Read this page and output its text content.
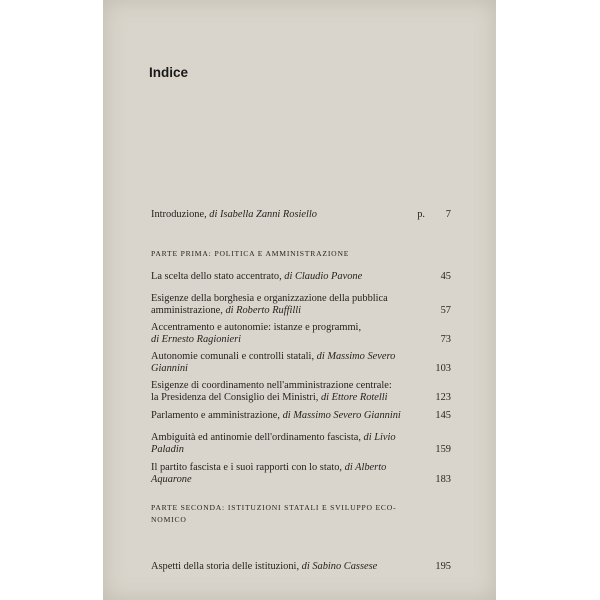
Indice
Introduzione, di Isabella Zanni Rosiello	p. 7
PARTE PRIMA: POLITICA E AMMINISTRAZIONE
La scelta dello stato accentrato, di Claudio Pavone	45
Esigenze della borghesia e organizzazione della pubblica
amministrazione, di Roberto Ruffilli	57
Accentramento e autonomie: istanze e programmi,
di Ernesto Ragionieri	73
Autonomie comunali e controlli statali, di Massimo Severo
Giannini	103
Esigenze di coordinamento nell'amministrazione centrale:
la Presidenza del Consiglio dei Ministri, di Ettore Rotelli	123
Parlamento e amministrazione, di Massimo Severo Giannini	145
Ambiguità ed antinomie dell'ordinamento fascista, di Livio
Paladin	159
Il partito fascista e i suoi rapporti con lo stato, di Alberto
Aquarone	183
PARTE SECONDA: ISTITUZIONI STATALI E SVILUPPO ECO-
NOMICO
Aspetti della storia delle istituzioni, di Sabino Cassese	195
